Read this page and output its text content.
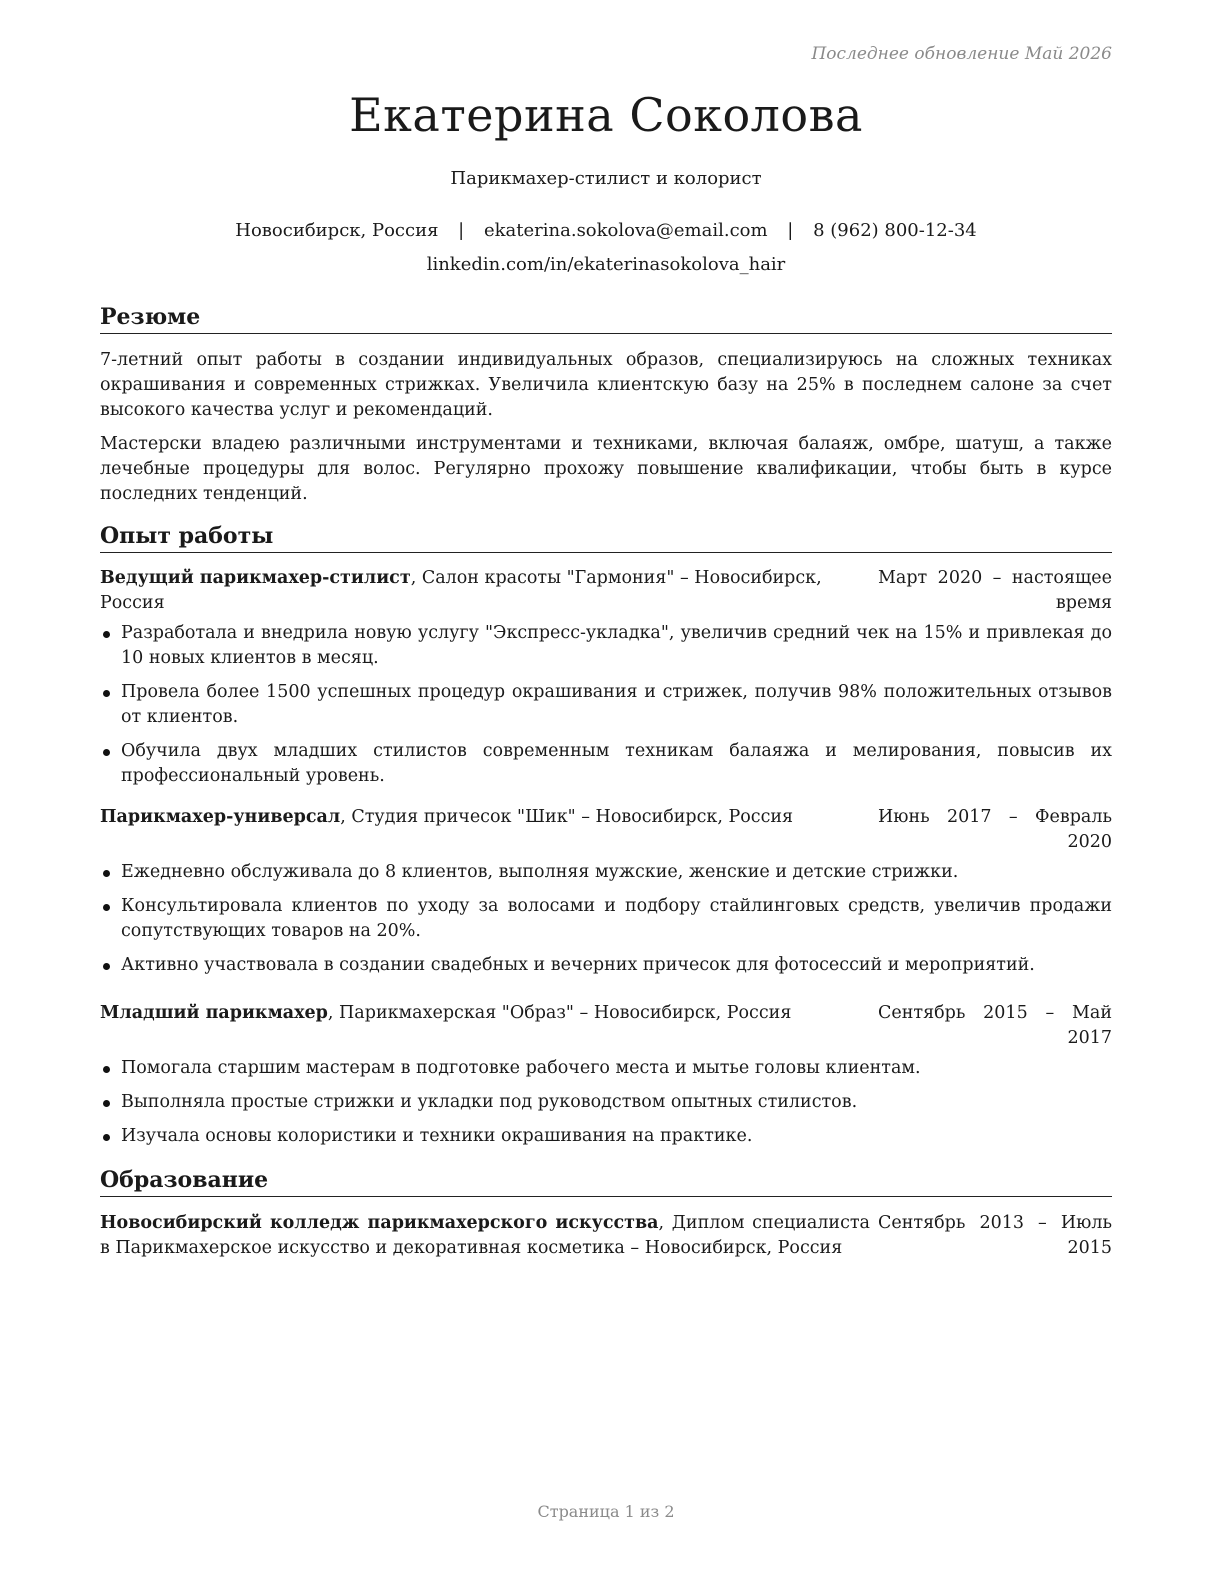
Последнее обновление Май 2026
Екатерина Соколова
Парикмахер-стилист и колорист
Новосибирск, Россия | ekaterina.sokolova@email.com | 8 (962) 800-12-34
linkedin.com/in/ekaterinasokolova_hair
Резюме
7-летний опыт работы в создании индивидуальных образов, специализируюсь на сложных техниках окрашивания и современных стрижках. Увеличила клиентскую базу на 25% в последнем салоне за счет высокого качества услуг и рекомендаций.
Мастерски владею различными инструментами и техниками, включая балаяж, омбре, шатуш, а также лечебные процедуры для волос. Регулярно прохожу повышение квалификации, чтобы быть в курсе последних тенденций.
Опыт работы
Ведущий парикмахер-стилист, Салон красоты "Гармония" – Новосибирск, Россия
Март 2020 – настоящее время
Разработала и внедрила новую услугу "Экспресс-укладка", увеличив средний чек на 15% и привлекая до 10 новых клиентов в месяц.
Провела более 1500 успешных процедур окрашивания и стрижек, получив 98% положительных отзывов от клиентов.
Обучила двух младших стилистов современным техникам балаяжа и мелирования, повысив их профессиональный уровень.
Парикмахер-универсал, Студия причесок "Шик" – Новосибирск, Россия	Июнь 2017 – Февраль 2020
Ежедневно обслуживала до 8 клиентов, выполняя мужские, женские и детские стрижки.
Консультировала клиентов по уходу за волосами и подбору стайлинговых средств, увеличив продажи сопутствующих товаров на 20%.
Активно участвовала в создании свадебных и вечерних причесок для фотосессий и мероприятий.
Младший парикмахер, Парикмахерская "Образ" – Новосибирск, Россия	Сентябрь 2015 – Май 2017
Помогала старшим мастерам в подготовке рабочего места и мытье головы клиентам.
Выполняла простые стрижки и укладки под руководством опытных стилистов.
Изучала основы колористики и техники окрашивания на практике.
Образование
Новосибирский колледж парикмахерского искусства, Диплом специалиста в Парикмахерское искусство и декоративная косметика – Новосибирск, Россия
Сентябрь 2013 – Июль 2015
Страница 1 из 2
